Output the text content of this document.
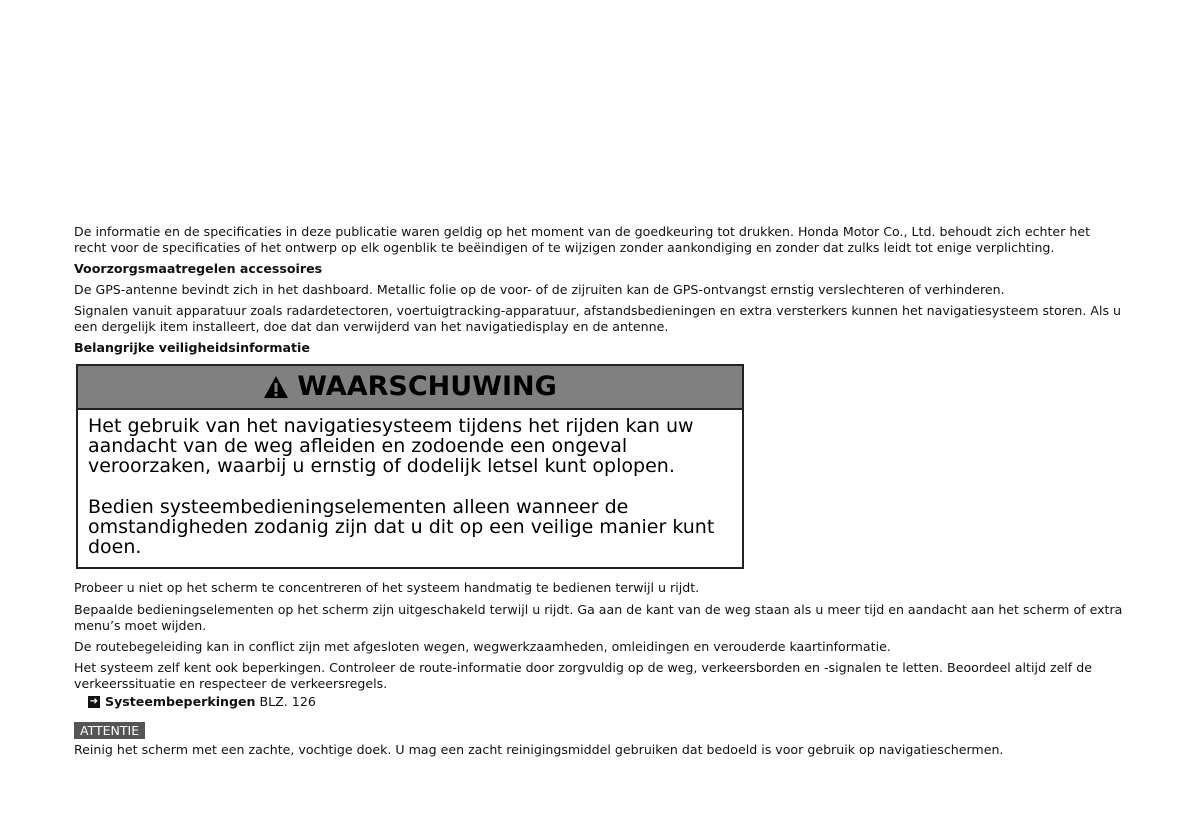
De informatie en de specificaties in deze publicatie waren geldig op het moment van de goedkeuring tot drukken. Honda Motor Co., Ltd. behoudt zich echter het recht voor de specificaties of het ontwerp op elk ogenblik te beëindigen of te wijzigen zonder aankondiging en zonder dat zulks leidt tot enige verplichting.

Voorzorgsmaatregelen accessoires

De GPS-antenne bevindt zich in het dashboard. Metallic folie op de voor- of de zijruiten kan de GPS-ontvangst ernstig verslechteren of verhinderen.

Signalen vanuit apparatuur zoals radardetectoren, voertuigtracking-apparatuur, afstandsbedieningen en extra versterkers kunnen het navigatiesysteem storen. Als u een dergelijk item installeert, doe dat dan verwijderd van het navigatiedisplay en de antenne.

Belangrijke veiligheidsinformatie
WAARSCHUWING

Het gebruik van het navigatiesysteem tijdens het rijden kan uw aandacht van de weg afleiden en zodoende een ongeval veroorzaken, waarbij u ernstig of dodelijk letsel kunt oplopen.

Bedien systeembedieningselementen alleen wanneer de omstandigheden zodanig zijn dat u dit op een veilige manier kunt doen.

Probeer u niet op het scherm te concentreren of het systeem handmatig te bedienen terwijl u rijdt.

Bepaalde bedieningselementen op het scherm zijn uitgeschakeld terwijl u rijdt. Ga aan de kant van de weg staan als u meer tijd en aandacht aan het scherm of extra menu’s moet wijden.

De routebegeleiding kan in conflict zijn met afgesloten wegen, wegwerkzaamheden, omleidingen en verouderde kaartinformatie.

Het systeem zelf kent ook beperkingen. Controleer de route-informatie door zorgvuldig op de weg, verkeersborden en -signalen te letten. Beoordeel altijd zelf de verkeerssituatie en respecteer de verkeersregels.

➜ Systeembeperkingen BLZ. 126
ATTENTIE

Reinig het scherm met een zachte, vochtige doek. U mag een zacht reinigingsmiddel gebruiken dat bedoeld is voor gebruik op navigatieschermen.
